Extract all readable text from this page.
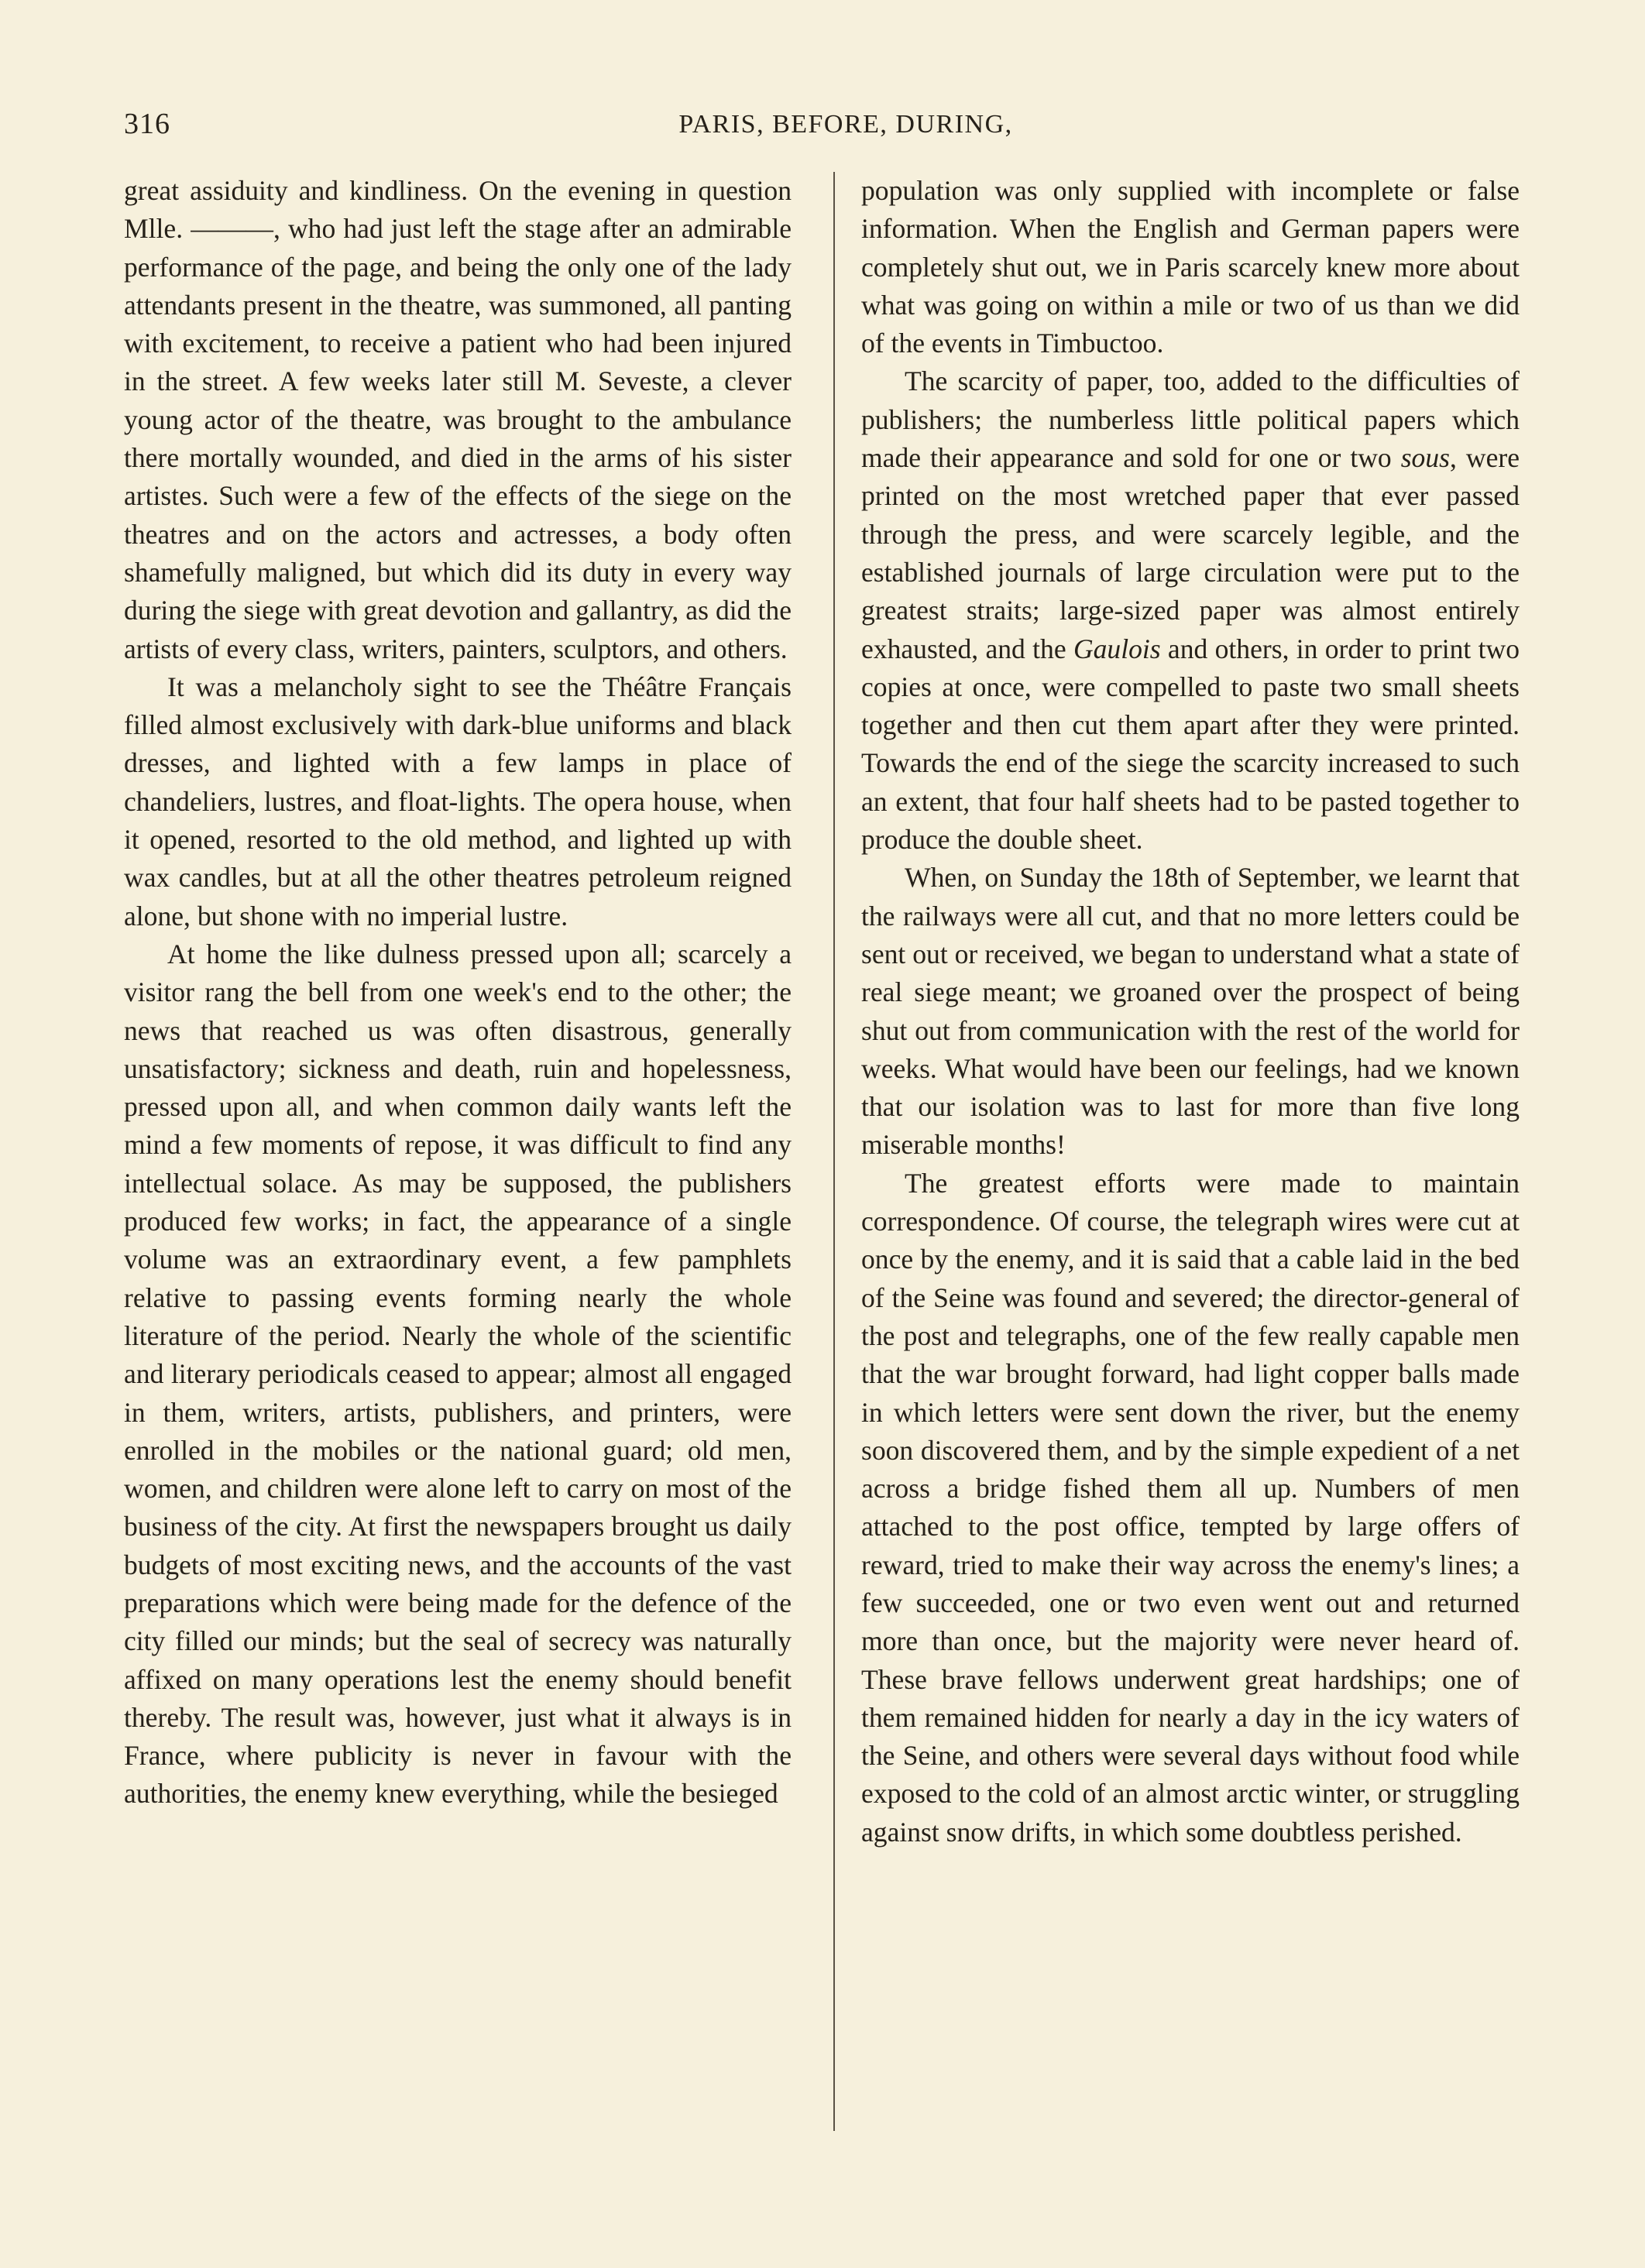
316	PARIS, BEFORE, DURING,

great assiduity and kindliness. On the evening in question Mlle. ———, who had just left the stage after an admirable performance of the page, and being the only one of the lady attendants present in the theatre, was summoned, all panting with excitement, to receive a patient who had been injured in the street. A few weeks later still M. Seveste, a clever young actor of the theatre, was brought to the ambulance there mortally wounded, and died in the arms of his sister artistes. Such were a few of the effects of the siege on the theatres and on the actors and actresses, a body often shamefully maligned, but which did its duty in every way during the siege with great devotion and gallantry, as did the artists of every class, writers, painters, sculptors, and others.

It was a melancholy sight to see the Théâtre Français filled almost exclusively with dark-blue uniforms and black dresses, and lighted with a few lamps in place of chandeliers, lustres, and float-lights. The opera house, when it opened, resorted to the old method, and lighted up with wax candles, but at all the other theatres petroleum reigned alone, but shone with no imperial lustre.

At home the like dulness pressed upon all; scarcely a visitor rang the bell from one week's end to the other; the news that reached us was often disastrous, generally unsatisfactory; sickness and death, ruin and hopelessness, pressed upon all, and when common daily wants left the mind a few moments of repose, it was difficult to find any intellectual solace. As may be supposed, the publishers produced few works; in fact, the appearance of a single volume was an extraordinary event, a few pamphlets relative to passing events forming nearly the whole literature of the period. Nearly the whole of the scientific and literary periodicals ceased to appear; almost all engaged in them, writers, artists, publishers, and printers, were enrolled in the mobiles or the national guard; old men, women, and children were alone left to carry on most of the business of the city. At first the newspapers brought us daily budgets of most exciting news, and the accounts of the vast preparations which were being made for the defence of the city filled our minds; but the seal of secrecy was naturally affixed on many operations lest the enemy should benefit thereby. The result was, however, just what it always is in France, where publicity is never in favour with the authorities, the enemy knew everything, while the besieged

population was only supplied with incomplete or false information. When the English and German papers were completely shut out, we in Paris scarcely knew more about what was going on within a mile or two of us than we did of the events in Timbuctoo.

The scarcity of paper, too, added to the difficulties of publishers; the numberless little political papers which made their appearance and sold for one or two sous, were printed on the most wretched paper that ever passed through the press, and were scarcely legible, and the established journals of large circulation were put to the greatest straits; large-sized paper was almost entirely exhausted, and the Gaulois and others, in order to print two copies at once, were compelled to paste two small sheets together and then cut them apart after they were printed. Towards the end of the siege the scarcity increased to such an extent, that four half sheets had to be pasted together to produce the double sheet.

When, on Sunday the 18th of September, we learnt that the railways were all cut, and that no more letters could be sent out or received, we began to understand what a state of real siege meant; we groaned over the prospect of being shut out from communication with the rest of the world for weeks. What would have been our feelings, had we known that our isolation was to last for more than five long miserable months!

The greatest efforts were made to maintain correspondence. Of course, the telegraph wires were cut at once by the enemy, and it is said that a cable laid in the bed of the Seine was found and severed; the director-general of the post and telegraphs, one of the few really capable men that the war brought forward, had light copper balls made in which letters were sent down the river, but the enemy soon discovered them, and by the simple expedient of a net across a bridge fished them all up. Numbers of men attached to the post office, tempted by large offers of reward, tried to make their way across the enemy's lines; a few succeeded, one or two even went out and returned more than once, but the majority were never heard of. These brave fellows underwent great hardships; one of them remained hidden for nearly a day in the icy waters of the Seine, and others were several days without food while exposed to the cold of an almost arctic winter, or struggling against snow drifts, in which some doubtless perished.
